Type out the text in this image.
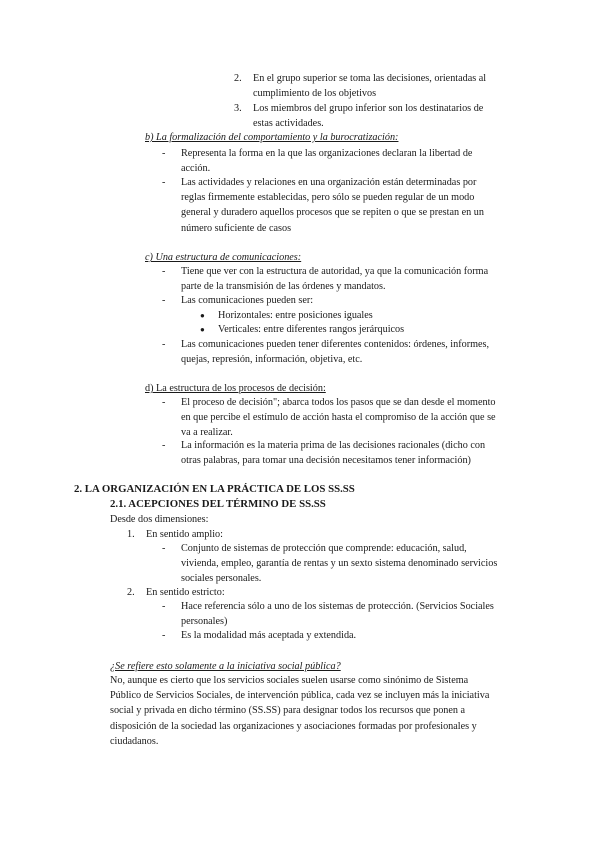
2. En el grupo superior se toma las decisiones, orientadas al
cumplimiento de los objetivos
3. Los miembros del grupo inferior son los destinatarios de
estas actividades.
b) La formalización del comportamiento y la burocratización:
- Representa la forma en la que las organizaciones declaran la libertad de
acción.
- Las actividades y relaciones en una organización están determinadas por
reglas firmemente establecidas, pero sólo se pueden regular de un modo
general y duradero aquellos procesos que se repiten o que se prestan en un
número suficiente de casos
c) Una estructura de comunicaciones:
- Tiene que ver con la estructura de autoridad, ya que la comunicación forma
parte de la transmisión de las órdenes y mandatos.
- Las comunicaciones pueden ser:
● Horizontales: entre posiciones iguales
● Verticales: entre diferentes rangos jerárquicos
- Las comunicaciones pueden tener diferentes contenidos: órdenes, informes,
quejas, represión, información, objetiva, etc.
d) La estructura de los procesos de decisión:
- El proceso de decisión"; abarca todos los pasos que se dan desde el momento
en que percibe el estímulo de acción hasta el compromiso de la acción que se
va a realizar.
- La información es la materia prima de las decisiones racionales (dicho con
otras palabras, para tomar una decisión necesitamos tener información)
2. LA ORGANIZACIÓN EN LA PRÁCTICA DE LOS SS.SS
2.1. ACEPCIONES DEL TÉRMINO DE SS.SS
Desde dos dimensiones:
1. En sentido amplio:
- Conjunto de sistemas de protección que comprende: educación, salud,
vivienda, empleo, garantía de rentas y un sexto sistema denominado servicios
sociales personales.
2. En sentido estricto:
- Hace referencia sólo a uno de los sistemas de protección. (Servicios Sociales
personales)
- Es la modalidad más aceptada y extendida.
¿Se refiere esto solamente a la iniciativa social pública?
No, aunque es cierto que los servicios sociales suelen usarse como sinónimo de Sistema
Público de Servicios Sociales, de intervención pública, cada vez se incluyen más la iniciativa
social y privada en dicho término (SS.SS) para designar todos los recursos que ponen a
disposición de la sociedad las organizaciones y asociaciones formadas por profesionales y
ciudadanos.
